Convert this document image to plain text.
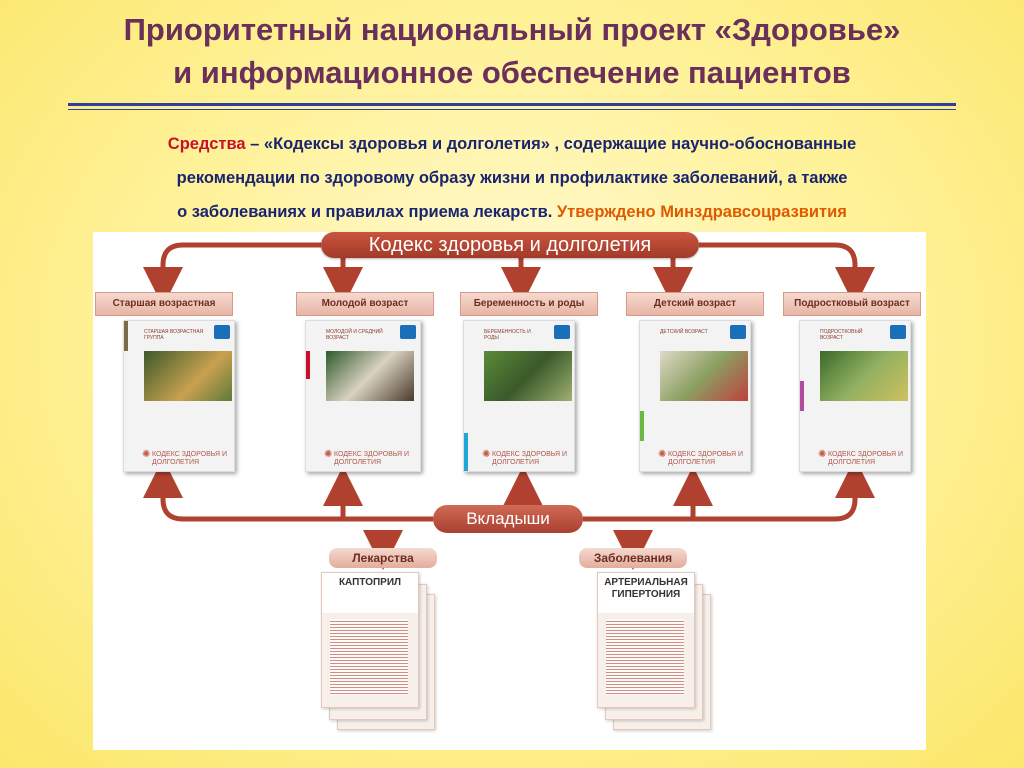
Приоритетный национальный проект «Здоровье»
и информационное обеспечение пациентов
Средства – «Кодексы здоровья и долголетия» , содержащие научно-обоснованные
рекомендации по здоровому образу жизни и профилактике заболеваний, а также
о заболеваниях и правилах приема лекарств. Утверждено Минздравсоцразвития
Кодекс здоровья и долголетия
Старшая возрастная	Молодой возраст	Беременность и роды	Детский возраст	Подростковый возраст
СТАРШАЯ ВОЗРАСТНАЯ ГРУППА
✺ КОДЕКС ЗДОРОВЬЯ И ДОЛГОЛЕТИЯ
МОЛОДОЙ И СРЕДНИЙ ВОЗРАСТ
✺ КОДЕКС ЗДОРОВЬЯ И ДОЛГОЛЕТИЯ
БЕРЕМЕННОСТЬ И РОДЫ
✺ КОДЕКС ЗДОРОВЬЯ И ДОЛГОЛЕТИЯ
ДЕТСКИЙ ВОЗРАСТ
✺ КОДЕКС ЗДОРОВЬЯ И ДОЛГОЛЕТИЯ
ПОДРОСТКОВЫЙ ВОЗРАСТ
✺ КОДЕКС ЗДОРОВЬЯ И ДОЛГОЛЕТИЯ
Вкладыши
Лекарства	Заболевания
КАПТОПРИЛ	АРТЕРИАЛЬНАЯ ГИПЕРТОНИЯ
